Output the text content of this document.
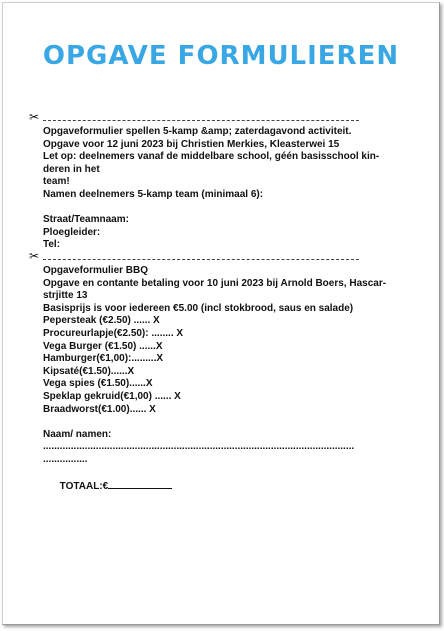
OPGAVE FORMULIEREN
✂
Opgaveformulier spellen 5-kamp &amp; zaterdagavond activiteit.
Opgave voor 12 juni 2023 bij Christien Merkies, Kleasterwei 15
Let op: deelnemers vanaf de middelbare school, géén basisschool kin-
deren in het
team!
Namen deelnemers 5-kamp team (minimaal 6):
Straat/Teamnaam:
Ploegleider:
Tel:
✂
Opgaveformulier BBQ
Opgave en contante betaling voor 10 juni 2023 bij Arnold Boers, Hascar-
strjitte 13
Basisprijs is voor iedereen €5.00 (incl stokbrood, saus en salade)
Pepersteak (€2.50) ...... X
Procureurlapje(€2.50): ........ X
Vega Burger (€1.50) ......X
Hamburger(€1,00):.........X
Kipsaté(€1.50)......X
Vega spies (€1.50)......X
Speklap gekruid(€1,00) ...... X
Braadworst(€1.00)...... X
Naam/ namen:
................................................................................................................
................

TOTAAL:€
